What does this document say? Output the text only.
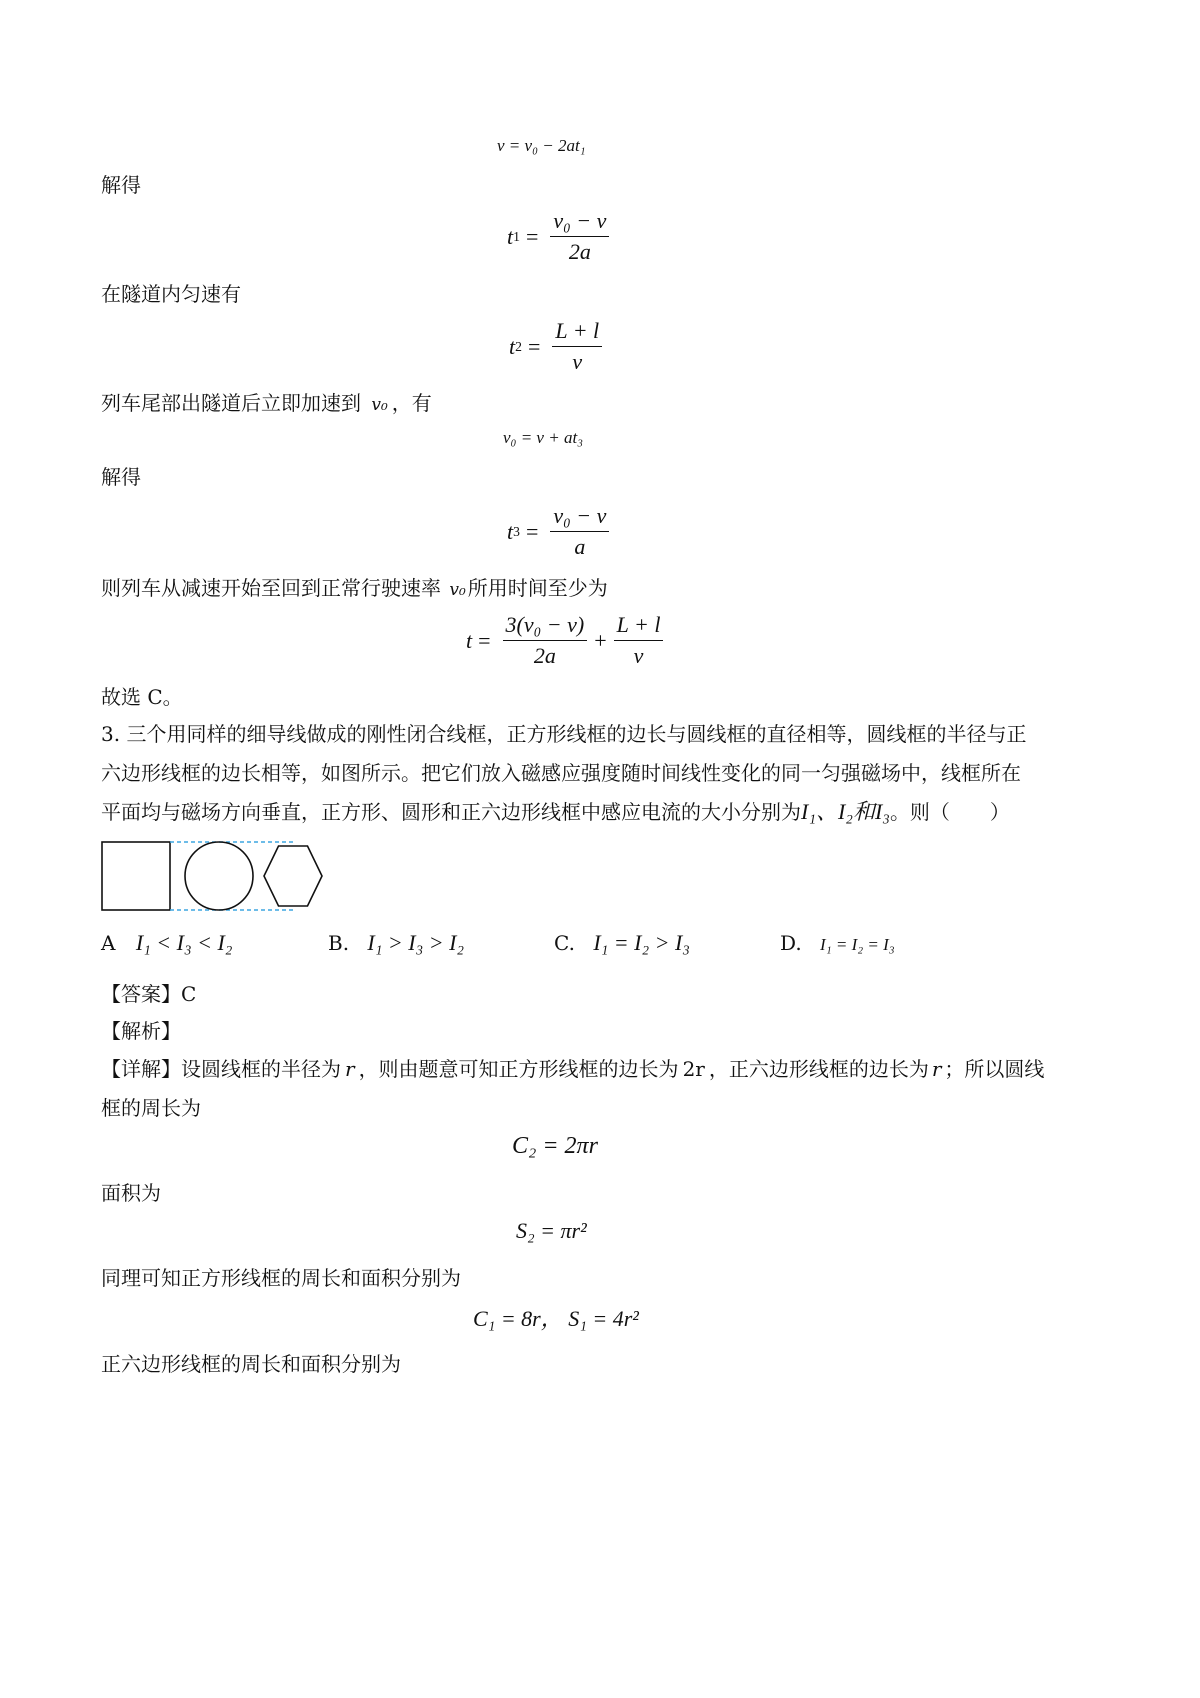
v = v₀ − 2at₁
解得
t $1 = \frac{\text{v₀ − v}}{2a}$
在隧道内匀速有
t $2 = \frac{L + l}{v}$
列车尾部出隧道后立即加速到 v₀ ，有
v₀ = v + at₃
解得
t $3 = \frac{\text{v₀ − v}}{a}$
则列车从减速开始至回到正常行驶速率 v₀ 所用时间至少为
$t = \frac{\text{3(v₀ − v)}}{2a} + \frac{L + l}{v}$
故选 C。
3. 三个用同样的细导线做成的刚性闭合线框，正方形线框的边长与圆线框的直径相等，圆线框的半径与正
六边形线框的边长相等，如图所示。把它们放入磁感应强度随时间线性变化的同一匀强磁场中，线框所在
平面均与磁场方向垂直，正方形、圆形和正六边形线框中感应电流的大小分别为I₁、I₂和I₃。则（　　）
A I₁ < I₃ < I₂	B. I₁ > I₃ > I₂	C. I₁ = I₂ > I₃	D. I₁ = I₂ = I₃
【答案】C
【解析】
【详解】设圆线框的半径为 r ，则由题意可知正方形线框的边长为 2r ，正六边形线框的边长为 r ；所以圆线
框的周长为
C₂ = 2πr
面积为
S₂ = πr²
同理可知正方形线框的周长和面积分别为
C₁ = 8r， S₁ = 4r²
正六边形线框的周长和面积分别为
